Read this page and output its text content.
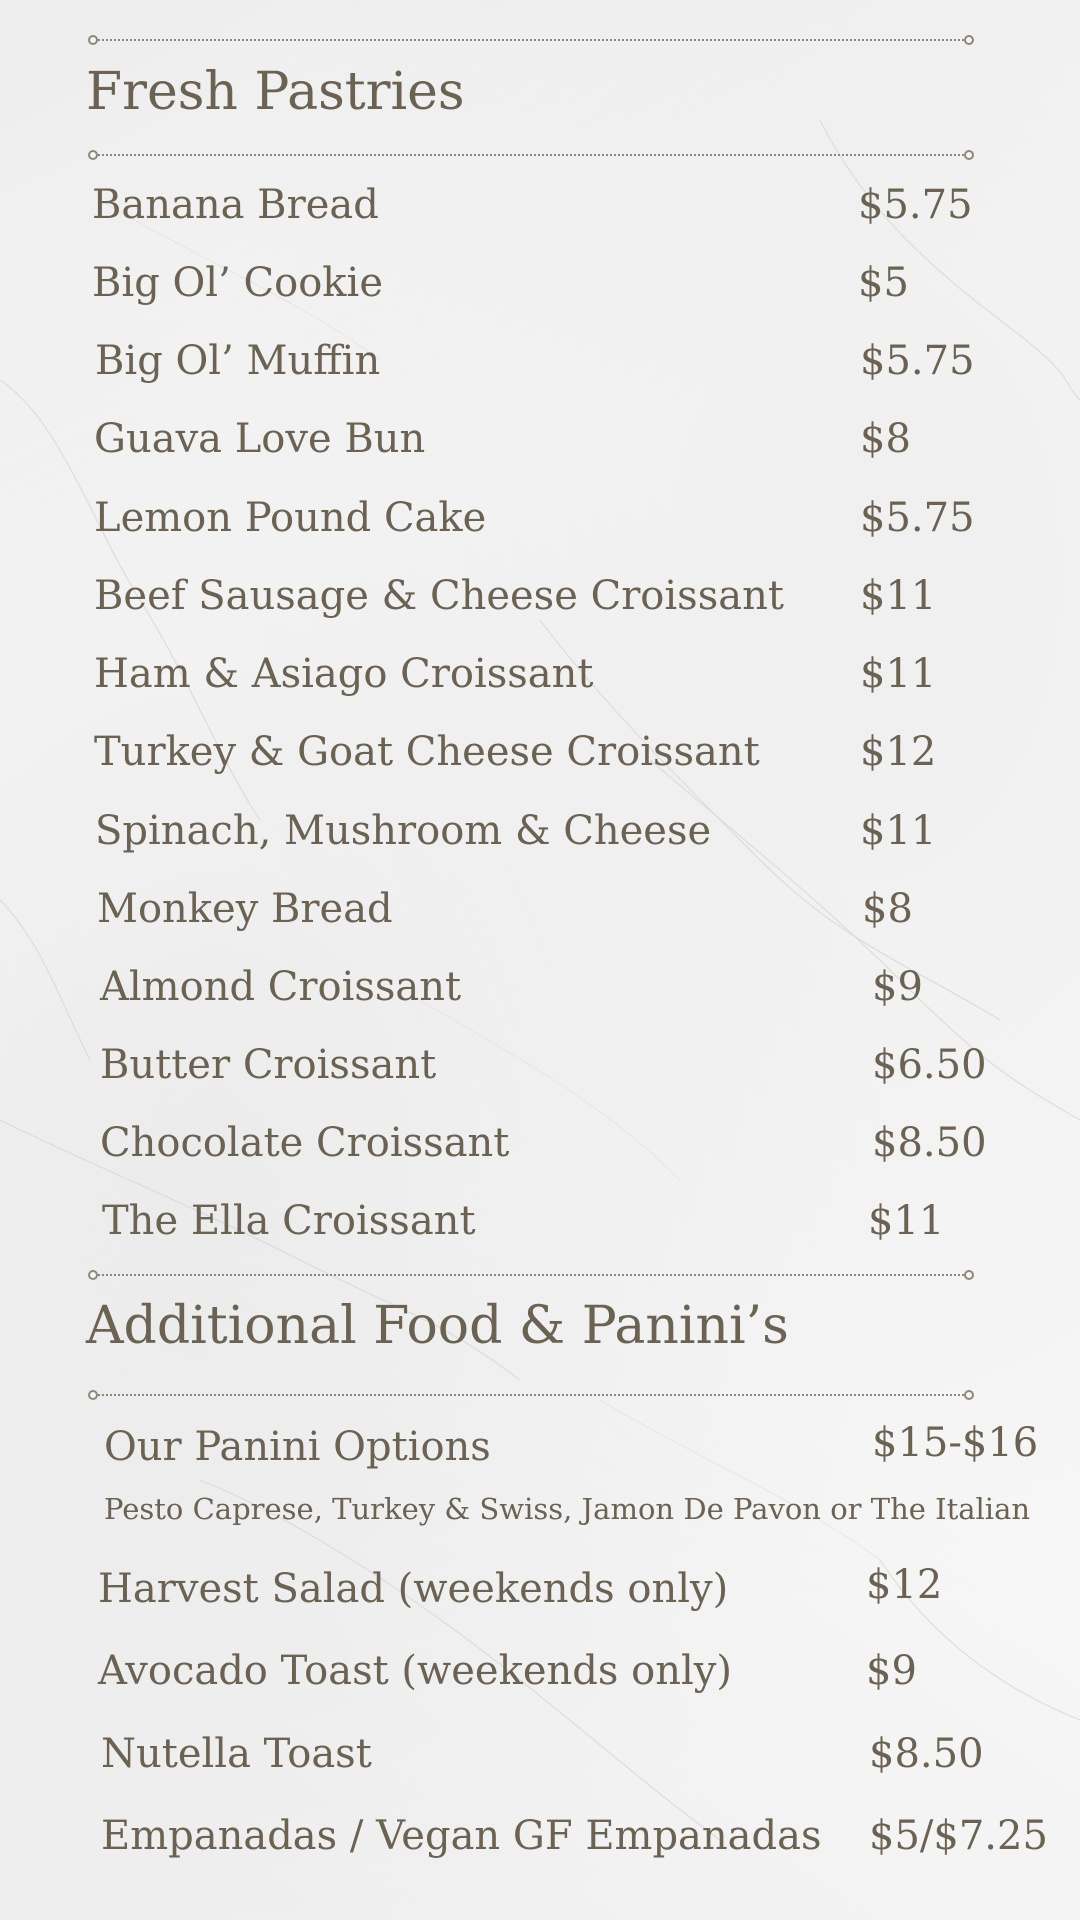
Fresh Pastries
Banana Bread	$5.75
Big Ol’ Cookie	$5
Big Ol’ Muffin	$5.75
Guava Love Bun	$8
Lemon Pound Cake	$5.75
Beef Sausage & Cheese Croissant $11
Ham & Asiago Croissant	$11
Turkey & Goat Cheese Croissant	$12
Spinach, Mushroom & Cheese	$11
Monkey Bread	$8
Almond Croissant	$9
Butter Croissant	$6.50
Chocolate Croissant	$8.50
The Ella Croissant	$11
Additional Food & Panini’s
Our Panini Options	$15-$16
Pesto Caprese, Turkey & Swiss, Jamon De Pavon or The Italian
Harvest Salad (weekends only)	$12
Avocado Toast (weekends only)	$9
Nutella Toast	$8.50
Empanadas / Vegan GF Empanadas $5/$7.25
